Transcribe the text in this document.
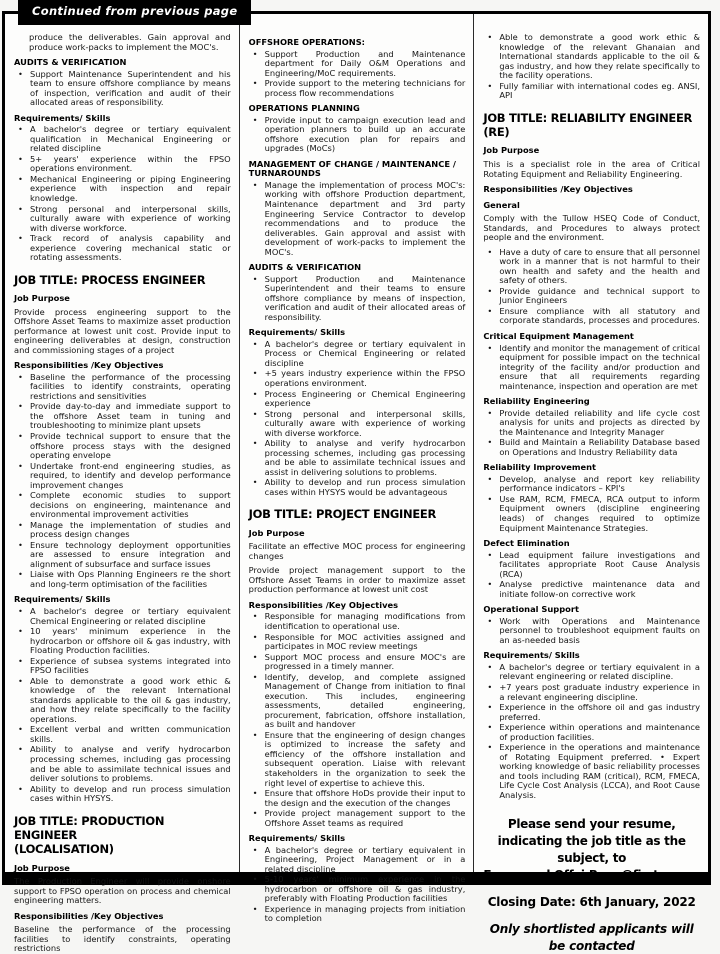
Continued from previous page
produce the deliverables. Gain approval and produce work-packs to implement the MOC's.
AUDITS & VERIFICATION
• Support Maintenance Superintendent and his team to ensure offshore compliance by means of inspection, verification and audit of their allocated areas of responsibility.
Requirements/ Skills
• A bachelor's degree or tertiary equivalent qualification in Mechanical Engineering or related discipline
• 5+ years' experience within the FPSO operations environment.
• Mechanical Engineering or piping Engineering experience with inspection and repair knowledge.
• Strong personal and interpersonal skills, culturally aware with experience of working with diverse workforce.
• Track record of analysis capability and experience covering mechanical static or rotating assessments.
JOB TITLE: PROCESS ENGINEER
Job Purpose
Provide process engineering support to the Offshore Asset Teams to maximize asset production performance at lowest unit cost. Provide input to engineering deliverables at design, construction and commissioning stages of a project
Responsibilities /Key Objectives
• Baseline the performance of the processing facilities to identify constraints, operating restrictions and sensitivities
• Provide day-to-day and immediate support to the offshore Asset team in tuning and troubleshooting to minimize plant upsets
• Provide technical support to ensure that the offshore process stays with the designed operating envelope
• Undertake front-end engineering studies, as required, to identify and develop performance improvement changes
• Complete economic studies to support decisions on engineering, maintenance and environmental improvement activities
• Manage the implementation of studies and process design changes
• Ensure technology deployment opportunities are assessed to ensure integration and alignment of subsurface and surface issues
• Liaise with Ops Planning Engineers re the short and long-term optimisation of the facilities
Requirements/ Skills
• A bachelor's degree or tertiary equivalent Chemical Engineering or related discipline
• 10 years' minimum experience in the hydrocarbon or offshore oil & gas industry, with Floating Production facilities.
• Experience of subsea systems integrated into FPSO facilities
• Able to demonstrate a good work ethic & knowledge of the relevant International standards applicable to the oil & gas industry, and how they relate specifically to the facility operations.
• Excellent verbal and written communication skills.
• Ability to analyse and verify hydrocarbon processing schemes, including gas processing and be able to assimilate technical issues and deliver solutions to problems.
• Ability to develop and run process simulation cases within HYSYS.
JOB TITLE: PRODUCTION ENGINEER
(LOCALISATION)
Job Purpose
The Production Engineer will provide onshore support to FPSO operation on process and chemical engineering matters.
Responsibilities /Key Objectives
Baseline the performance of the processing facilities to identify constraints, operating restrictions
OFFSHORE OPERATIONS:
• Support Production and Maintenance department for Daily O&M Operations and Engineering/MoC requirements.
• Provide support to the metering technicians for process flow recommendations
OPERATIONS PLANNING
• Provide input to campaign execution lead and operation planners to build up an accurate offshore execution plan for repairs and upgrades (MoCs)
MANAGEMENT OF CHANGE / MAINTENANCE / TURNAROUNDS
• Manage the implementation of process MOC's: working with offshore Production department, Maintenance department and 3rd party Engineering Service Contractor to develop recommendations and to produce the deliverables. Gain approval and assist with development of work-packs to implement the MOC's.
AUDITS & VERIFICATION
• Support Production and Maintenance Superintendent and their teams to ensure offshore compliance by means of inspection, verification and audit of their allocated areas of responsibility.
Requirements/ Skills
• A bachelor's degree or tertiary equivalent in Process or Chemical Engineering or related discipline
• +5 years industry experience within the FPSO operations environment.
• Process Engineering or Chemical Engineering experience
• Strong personal and interpersonal skills, culturally aware with experience of working with diverse workforce.
• Ability to analyse and verify hydrocarbon processing schemes, including gas processing and be able to assimilate technical issues and assist in delivering solutions to problems.
• Ability to develop and run process simulation cases within HYSYS would be advantageous
JOB TITLE: PROJECT ENGINEER
Job Purpose
Facilitate an effective MOC process for engineering changes
Provide project management support to the Offshore Asset Teams in order to maximize asset production performance at lowest unit cost
Responsibilities /Key Objectives
• Responsible for managing modifications from identification to operational use.
• Responsible for MOC activities assigned and participates in MOC review meetings
• Support MOC process and ensure MOC's are progressed in a timely manner.
• Identify, develop, and complete assigned Management of Change from initiation to final execution. This includes, engineering assessments, detailed engineering, procurement, fabrication, offshore installation, as built and handover
• Ensure that the engineering of design changes is optimized to increase the safety and efficiency of the offshore installation and subsequent operation. Liaise with relevant stakeholders in the organization to seek the right level of expertise to achieve this.
• Ensure that offshore HoDs provide their input to the design and the execution of the changes
• Provide project management support to the Offshore Asset teams as required
Requirements/ Skills
• A bachelor's degree or tertiary equivalent in Engineering, Project Management or in a related discipline
• 5-10 years' minimum experience in the hydrocarbon or offshore oil & gas industry, preferably with Floating Production facilities
• Experience in managing projects from initiation to completion
• Able to demonstrate a good work ethic & knowledge of the relevant Ghanaian and International standards applicable to the oil & gas industry, and how they relate specifically to the facility operations.
• Fully familiar with international codes eg. ANSI, API
JOB TITLE: RELIABILITY ENGINEER
(RE)
Job Purpose
This is a specialist role in the area of Critical Rotating Equipment and Reliability Engineering.
Responsibilities /Key Objectives
General
Comply with the Tullow HSEQ Code of Conduct, Standards, and Procedures to always protect people and the environment.
• Have a duty of care to ensure that all personnel work in a manner that is not harmful to their own health and safety and the health and safety of others.
• Provide guidance and technical support to Junior Engineers
• Ensure compliance with all statutory and corporate standards, processes and procedures.
Critical Equipment Management
• Identify and monitor the management of critical equipment for possible impact on the technical integrity of the facility and/or production and ensure that all requirements regarding maintenance, inspection and operation are met
Reliability Engineering
• Provide detailed reliability and life cycle cost analysis for units and projects as directed by the Maintenance and Integrity Manager
• Build and Maintain a Reliability Database based on Operations and Industry Reliability data
Reliability Improvement
• Develop, analyse and report key reliability performance indicators – KPI's
• Use RAM, RCM, FMECA, RCA output to inform Equipment owners (discipline engineering leads) of changes required to optimize Equipment Maintenance Strategies.
Defect Elimination
• Lead equipment failure investigations and facilitates appropriate Root Cause Analysis (RCA)
• Analyse predictive maintenance data and initiate follow-on corrective work
Operational Support
• Work with Operations and Maintenance personnel to troubleshoot equipment faults on an as-needed basis
Requirements/ Skills
• A bachelor's degree or tertiary equivalent in a relevant engineering or related discipline.
• +7 years post graduate industry experience in a relevant engineering discipline.
• Experience in the offshore oil and gas industry preferred.
• Experience within operations and maintenance of production facilities.
• Experience in the operations and maintenance of Rotating Equipment preferred. • Expert working knowledge of basic reliability processes and tools including RAM (critical), RCM, FMECA, Life Cycle Cost Analysis (LCCA), and Root Cause Analysis.
Please send your resume, indicating the job title as the subject, to Emmanuel.Offei-Brew@firstrg.com
Closing Date: 6th January, 2022
Only shortlisted applicants will be contacted
